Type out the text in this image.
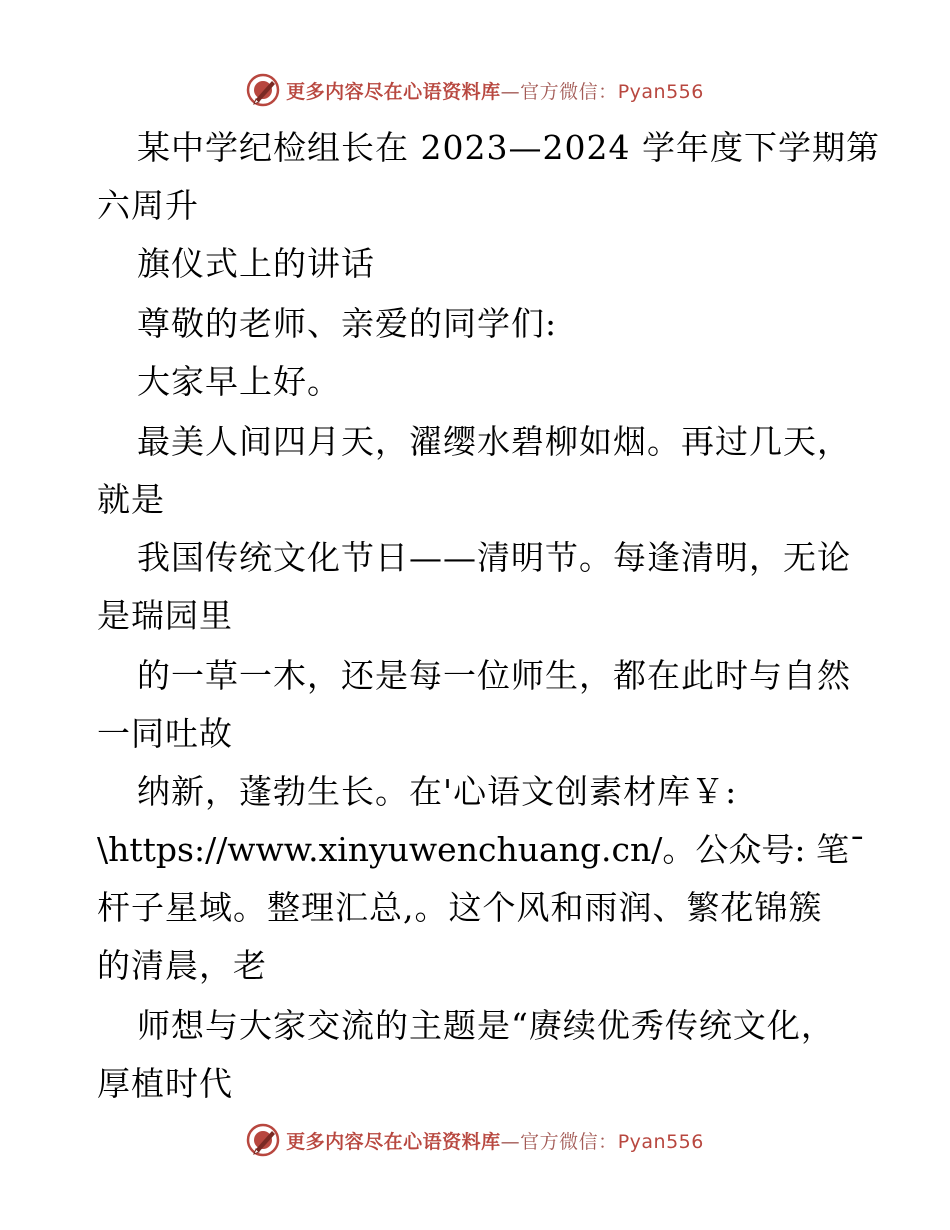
更多内容尽在心语资料库—官方微信：Pyan556
某中学纪检组长在 2023—2024 学年度下学期第
六周升
旗仪式上的讲话
尊敬的老师、亲爱的同学们:
大家早上好。
最美人间四月天，濯缨水碧柳如烟。再过几天，
就是
我国传统文化节日——清明节。每逢清明，无论
是瑞园里
的一草一木，还是每一位师生，都在此时与自然
一同吐故
纳新，蓬勃生长。在'心语文创素材库￥:
\https://www.xinyuwenchuang.cn/。公众号: 笔¯
杆子星域。整理汇总,。这个风和雨润、繁花锦簇
的清晨，老
师想与大家交流的主题是“赓续优秀传统文化，
厚植时代
更多内容尽在心语资料库—官方微信：Pyan556
